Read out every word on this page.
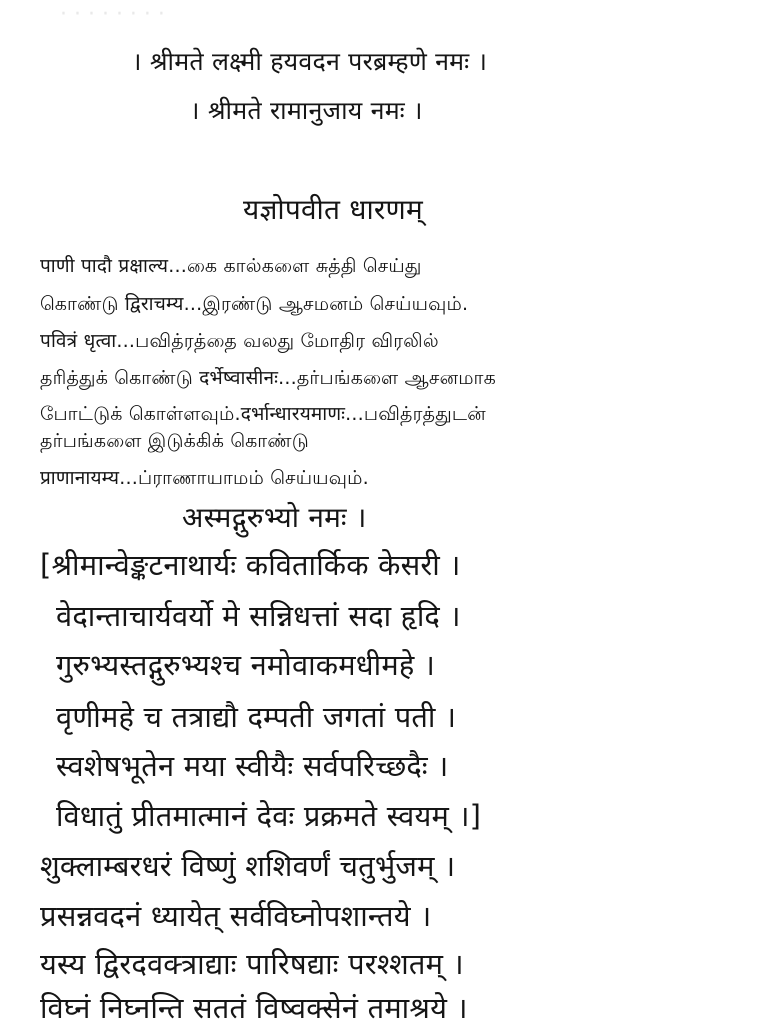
· · · · · · · ·
। श्रीमते लक्ष्मी हयवदन परब्रम्हणे नमः ।
। श्रीमते रामानुजाय नमः ।
यज्ञोपवीत धारणम्
पाणी पादौ प्रक्षाल्य...கை கால்களை சுத்தி செய்து
கொண்டு द्विराचम्य...இரண்டு ஆசமனம் செய்யவும்.
पवित्रं धृत्वा...பவித்ரத்தை வலது மோதிர விரலில்
தரித்துக் கொண்டு दर्भेष्वासीनः...தர்பங்களை ஆசனமாக
போட்டுக் கொள்ளவும்.दर्भान्धारयमाणः...பவித்ரத்துடன்
தர்பங்களை இடுக்கிக் கொண்டு
प्राणानायम्य...ப்ராணாயாமம் செய்யவும்.
अस्मद्गुरुभ्यो नमः ।
[श्रीमान्वेङ्कटनाथार्यः कवितार्किक केसरी ।
वेदान्ताचार्यवर्यो मे सन्निधत्तां सदा हृदि ।
गुरुभ्यस्तद्गुरुभ्यश्च नमोवाकमधीमहे ।
वृणीमहे च तत्राद्यौ दम्पती जगतां पती ।
स्वशेषभूतेन मया स्वीयैः सर्वपरिच्छदैः ।
विधातुं प्रीतमात्मानं देवः प्रक्रमते स्वयम् ।]
शुक्लाम्बरधरं विष्णुं शशिवर्णं चतुर्भुजम् ।
प्रसन्नवदनं ध्यायेत् सर्वविघ्नोपशान्तये ।
यस्य द्विरदवक्त्राद्याः पारिषद्याः परश्शतम् ।
विघ्नं निघ्नन्ति सततं विष्वक्सेनं तमाश्रये ।
